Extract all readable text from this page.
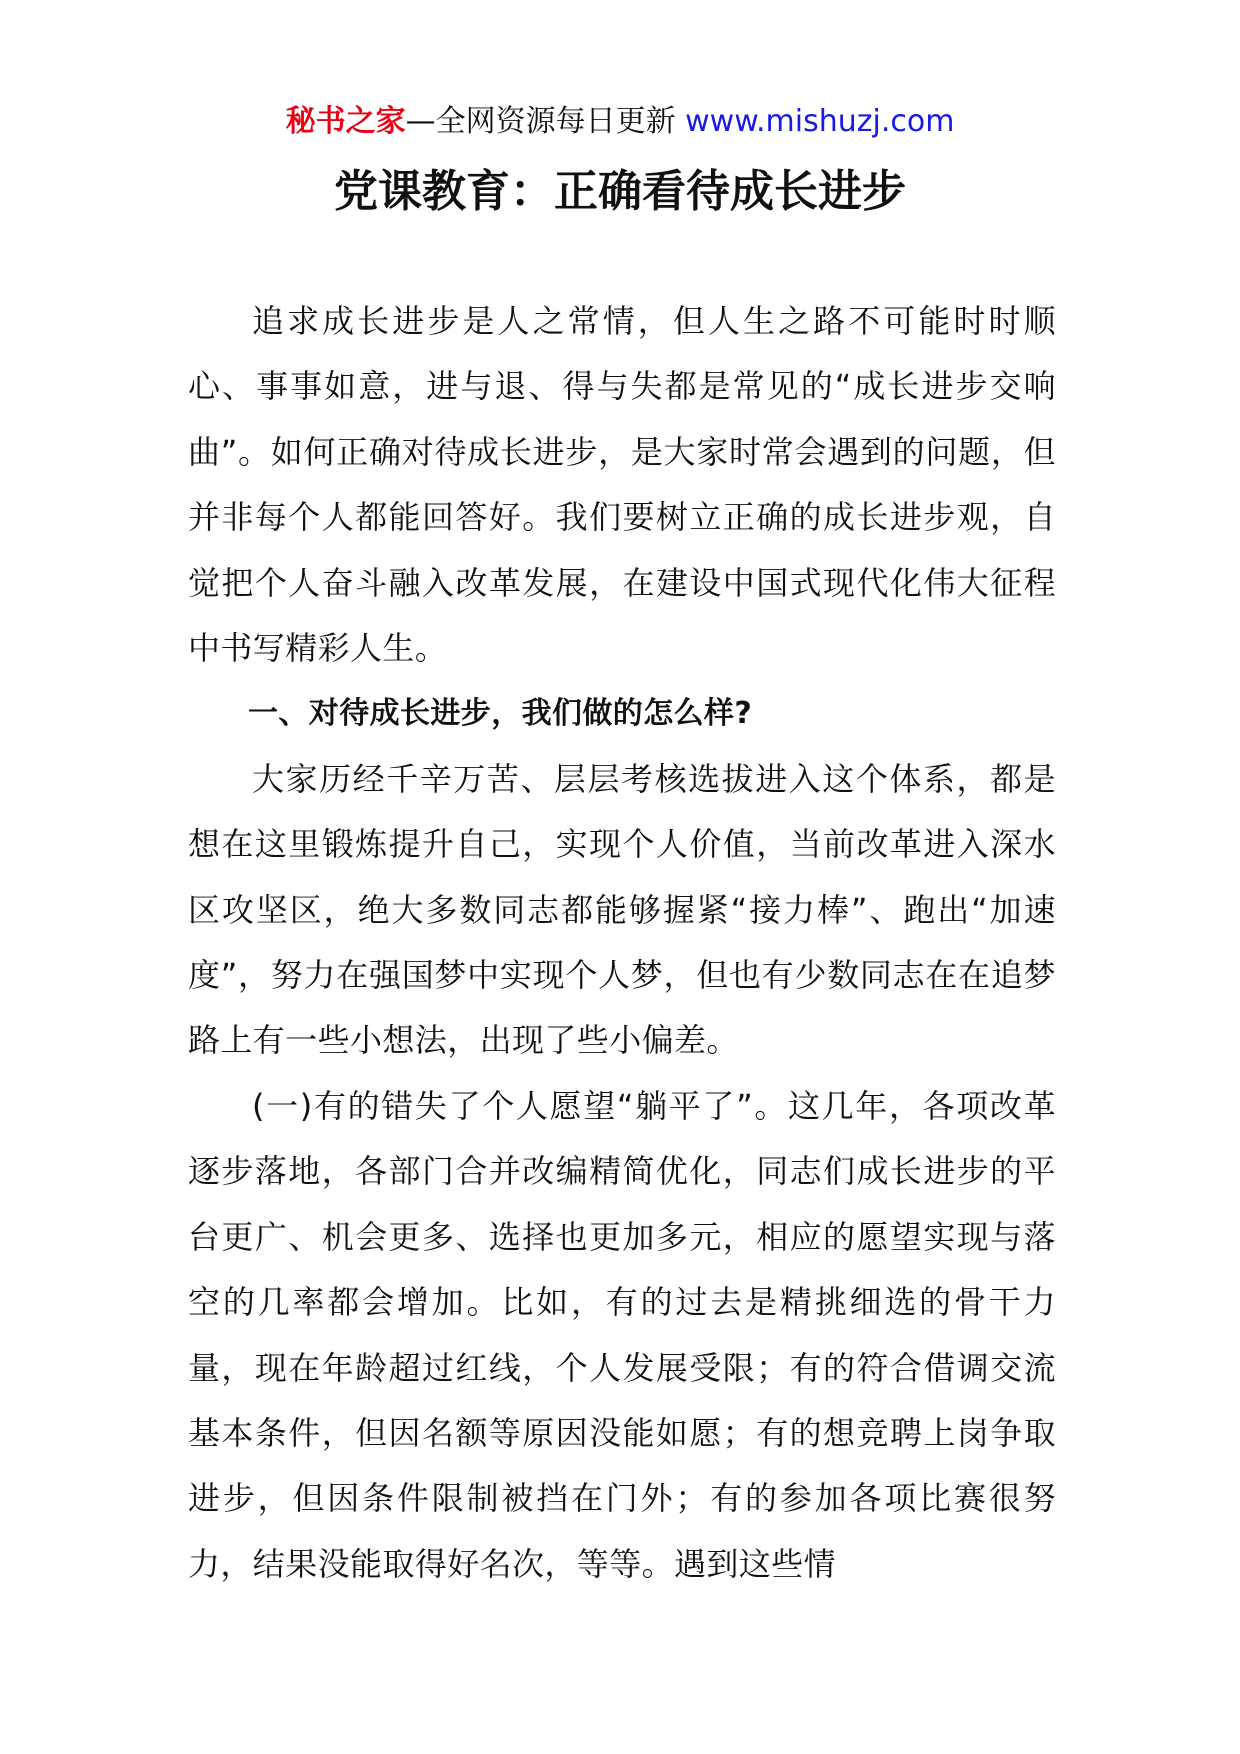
秘书之家—全网资源每日更新 www.mishuzj.com
党课教育：正确看待成长进步

追求成长进步是人之常情，但人生之路不可能时时顺心、事事如意，进与退、得与失都是常见的“成长进步交响曲”。如何正确对待成长进步，是大家时常会遇到的问题，但并非每个人都能回答好。我们要树立正确的成长进步观，自觉把个人奋斗融入改革发展，在建设中国式现代化伟大征程中书写精彩人生。

一、对待成长进步，我们做的怎么样?

大家历经千辛万苦、层层考核选拔进入这个体系，都是想在这里锻炼提升自己，实现个人价值，当前改革进入深水区攻坚区，绝大多数同志都能够握紧“接力棒”、跑出“加速度”，努力在强国梦中实现个人梦，但也有少数同志在在追梦路上有一些小想法，出现了些小偏差。

(一)有的错失了个人愿望“躺平了”。这几年，各项改革逐步落地，各部门合并改编精简优化，同志们成长进步的平台更广、机会更多、选择也更加多元，相应的愿望实现与落空的几率都会增加。比如，有的过去是精挑细选的骨干力量，现在年龄超过红线，个人发展受限；有的符合借调交流基本条件，但因名额等原因没能如愿；有的想竞聘上岗争取进步，但因条件限制被挡在门外；有的参加各项比赛很努力，结果没能取得好名次，等等。遇到这些情
